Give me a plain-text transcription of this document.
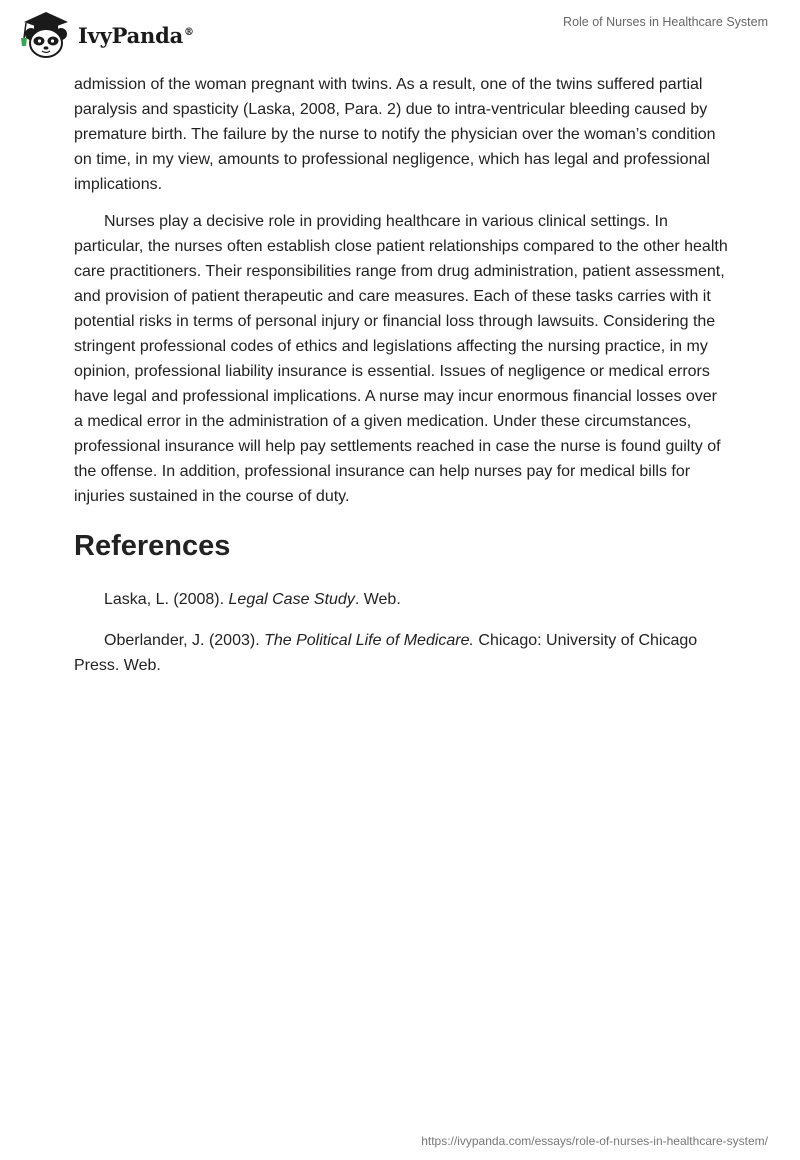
IvyPanda®
Role of Nurses in Healthcare System

admission of the woman pregnant with twins. As a result, one of the twins suffered partial paralysis and spasticity (Laska, 2008, Para. 2) due to intra-ventricular bleeding caused by premature birth. The failure by the nurse to notify the physician over the woman’s condition on time, in my view, amounts to professional negligence, which has legal and professional implications.

Nurses play a decisive role in providing healthcare in various clinical settings. In particular, the nurses often establish close patient relationships compared to the other health care practitioners. Their responsibilities range from drug administration, patient assessment, and provision of patient therapeutic and care measures. Each of these tasks carries with it potential risks in terms of personal injury or financial loss through lawsuits. Considering the stringent professional codes of ethics and legislations affecting the nursing practice, in my opinion, professional liability insurance is essential. Issues of negligence or medical errors have legal and professional implications. A nurse may incur enormous financial losses over a medical error in the administration of a given medication. Under these circumstances, professional insurance will help pay settlements reached in case the nurse is found guilty of the offense. In addition, professional insurance can help nurses pay for medical bills for injuries sustained in the course of duty.

References

Laska, L. (2008). Legal Case Study. Web.

Oberlander, J. (2003). The Political Life of Medicare. Chicago: University of Chicago Press. Web.

https://ivypanda.com/essays/role-of-nurses-in-healthcare-system/
